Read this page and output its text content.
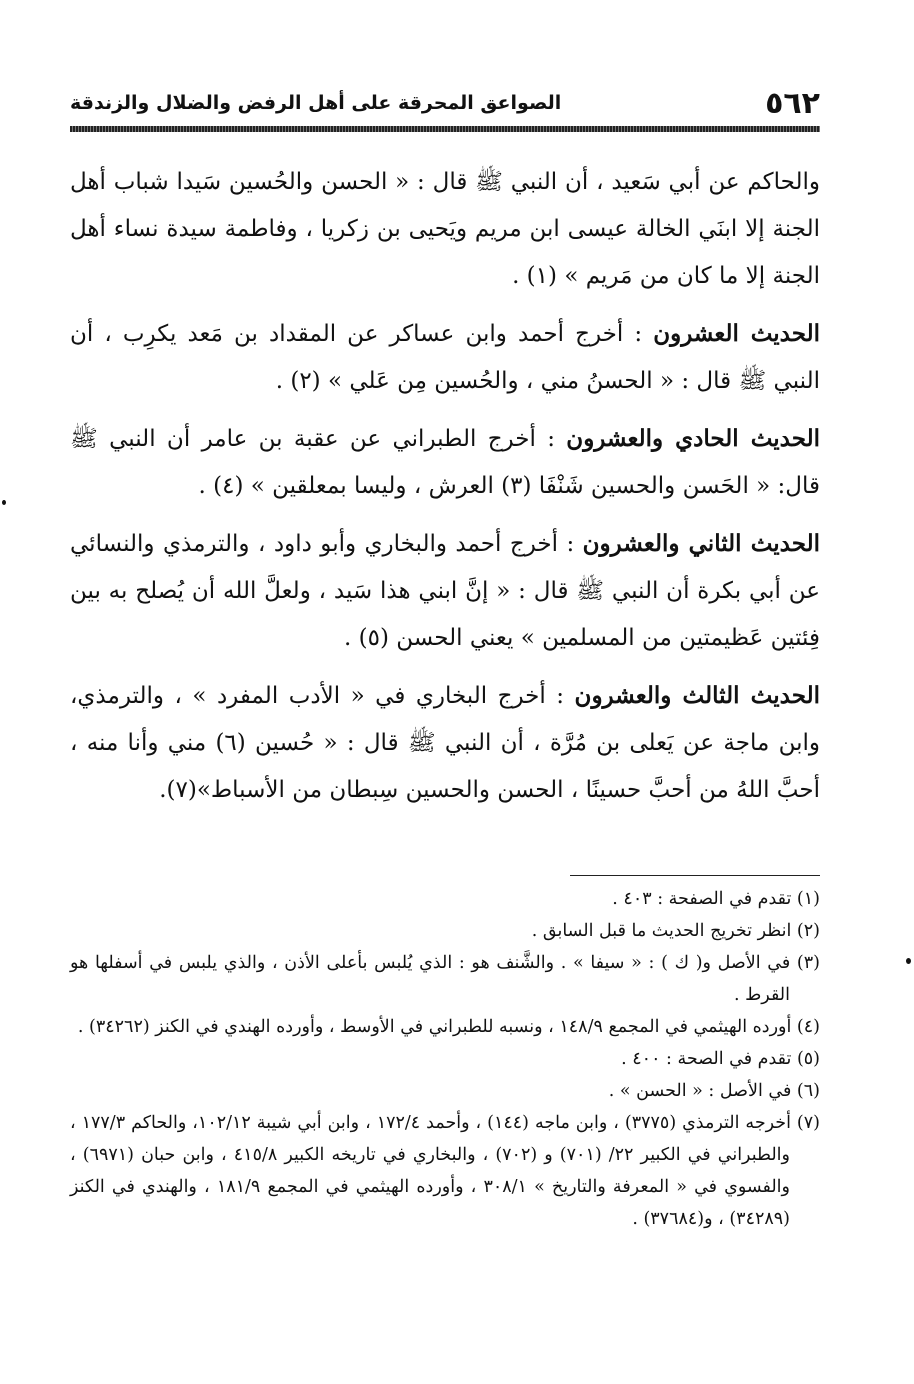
٥٦٢
الصواعق المحرقة على أهل الرفض والضلال والزندقة

والحاكم عن أبي سَعيد ، أن النبي ﷺ قال : « الحسن والحُسين سَيدا شباب أهل الجنة إلا ابنَي الخالة عيسى ابن مريم ويَحيى بن زكريا ، وفاطمة سيدة نساء أهل الجنة إلا ما كان من مَريم » (١) .

الحديث العشرون : أخرج أحمد وابن عساكر عن المقداد بن مَعد يكرِب ، أن النبي ﷺ قال : « الحسنُ مني ، والحُسين مِن عَلي » (٢) .

الحديث الحادي والعشرون : أخرج الطبراني عن عقبة بن عامر أن النبي ﷺ قال: « الحَسن والحسين شَنْفَا (٣) العرش ، وليسا بمعلقين » (٤) .

الحديث الثاني والعشرون : أخرج أحمد والبخاري وأبو داود ، والترمذي والنسائي عن أبي بكرة أن النبي ﷺ قال : « إنَّ ابني هذا سَيد ، ولعلَّ الله أن يُصلح به بين فِئتين عَظيمتين من المسلمين » يعني الحسن (٥) .

الحديث الثالث والعشرون : أخرج البخاري في « الأدب المفرد » ، والترمذي، وابن ماجة عن يَعلى بن مُرَّة ، أن النبي ﷺ قال : « حُسين (٦) مني وأنا منه ، أحبَّ اللهُ من أحبَّ حسينًا ، الحسن والحسين سِبطان من الأسباط»(٧).

(١) تقدم في الصفحة : ٤٠٣ .

(٢) انظر تخريج الحديث ما قبل السابق .

(٣) في الأصل و( ك ) : « سيفا » . والشَّنف هو : الذي يُلبس بأعلى الأذن ، والذي يلبس في أسفلها هو القرط .

(٤) أورده الهيثمي في المجمع ١٤٨/٩ ، ونسبه للطبراني في الأوسط ، وأورده الهندي في الكنز (٣٤٢٦٢) .

(٥) تقدم في الصحة : ٤٠٠ .

(٦) في الأصل : « الحسن » .

(٧) أخرجه الترمذي (٣٧٧٥) ، وابن ماجه (١٤٤) ، وأحمد ١٧٢/٤ ، وابن أبي شيبة ١٠٢/١٢، والحاكم ١٧٧/٣ ، والطبراني في الكبير ٢٢/ (٧٠١) و (٧٠٢) ، والبخاري في تاريخه الكبير ٤١٥/٨ ، وابن حبان (٦٩٧١) ، والفسوي في « المعرفة والتاريخ » ٣٠٨/١ ، وأورده الهيثمي في المجمع ١٨١/٩ ، والهندي في الكنز (٣٤٢٨٩) ، و(٣٧٦٨٤) .
